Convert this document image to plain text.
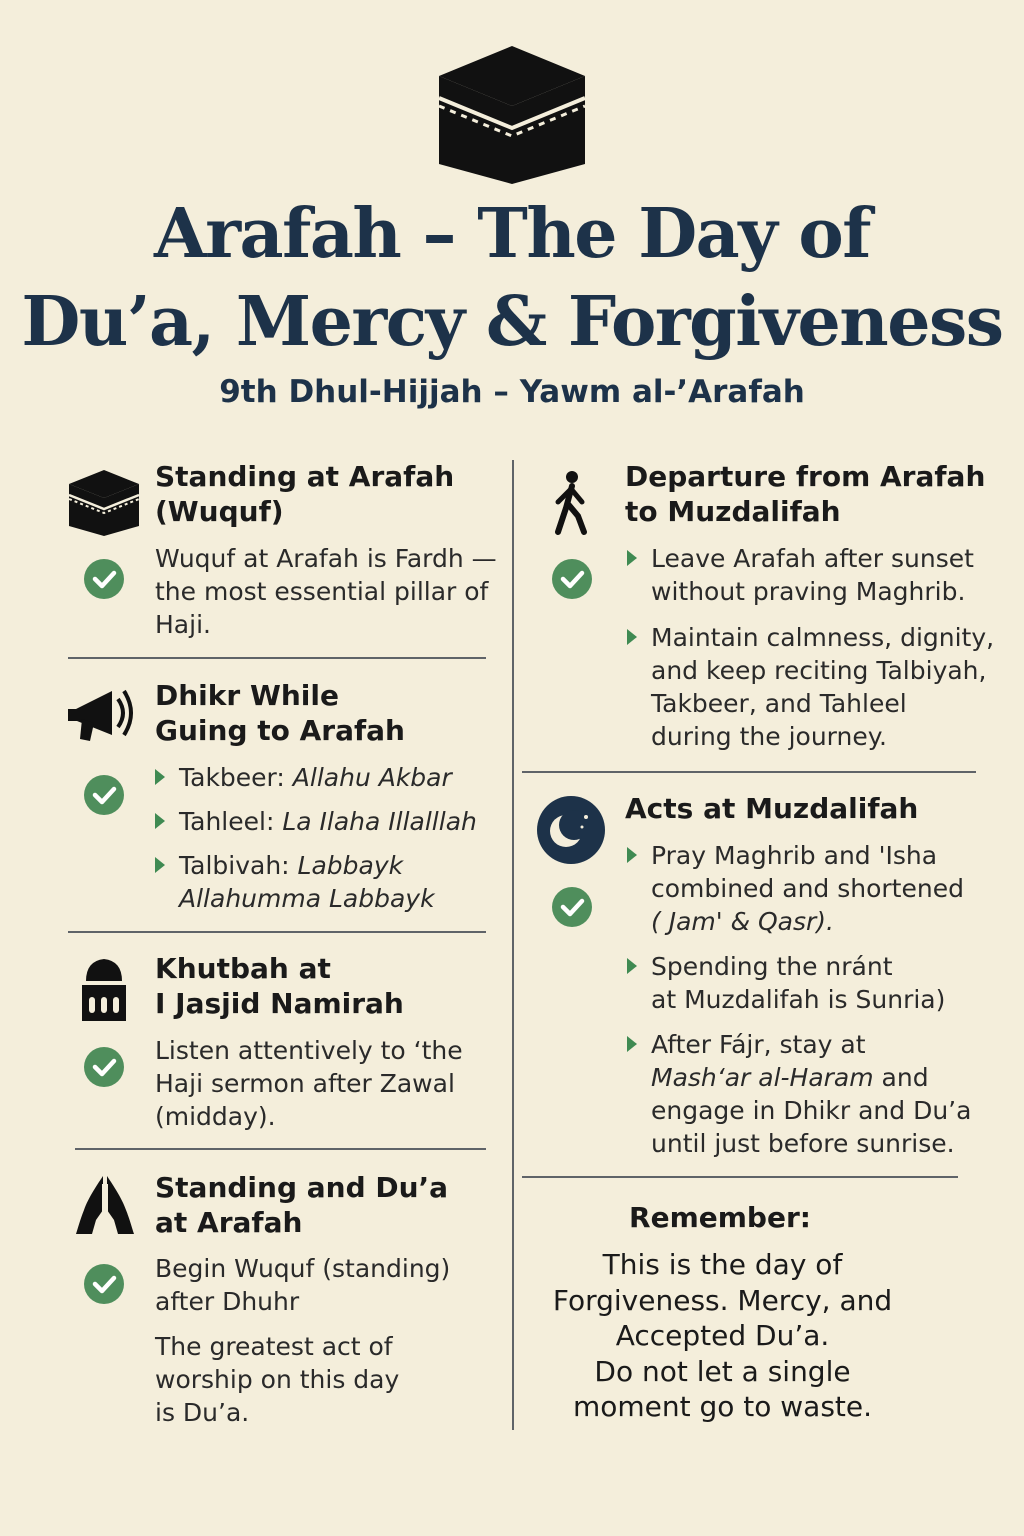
Arafah – The Day of
Du’a, Mercy & Forgiveness
9th Dhul-Hijjah – Yawm al-’Arafah
Standing at Arafah
(Wuquf)
Wuquf at Arafah is Fardh —
the most essential pillar of
Haji.
Dhikr While
Guing to Arafah
Takbeer: Allahu Akbar
Tahleel: La Ilaha Illalllah
Talbivah: Labbayk
Allahumma Labbayk
Khutbah at
I Jasjid Namirah
Listen attentively to ‘the
Haji sermon after Zawal
(midday).
Standing and Du’a
at Arafah
Begin Wuquf (standing)
after Dhuhr
The greatest act of
worship on this day
is Du’a.
Departure from Arafah
to Muzdalifah
Leave Arafah after sunset
without praving Maghrib.
Maintain calmness, dignity,
and keep reciting Talbiyah,
Takbeer, and Tahleel
during the journey.
Acts at Muzdalifah
Pray Maghrib and 'Isha
combined and shortened
( Jam' & Qasr).
Spending the nránt
at Muzdalifah is Sunria)
After Fájr, stay at
Mash‘ar al-Haram and
engage in Dhikr and Du’a
until just before sunrise.
Remember:
This is the day of
Forgiveness. Mercy, and
Accepted Du’a.
Do not let a single
moment go to waste.
